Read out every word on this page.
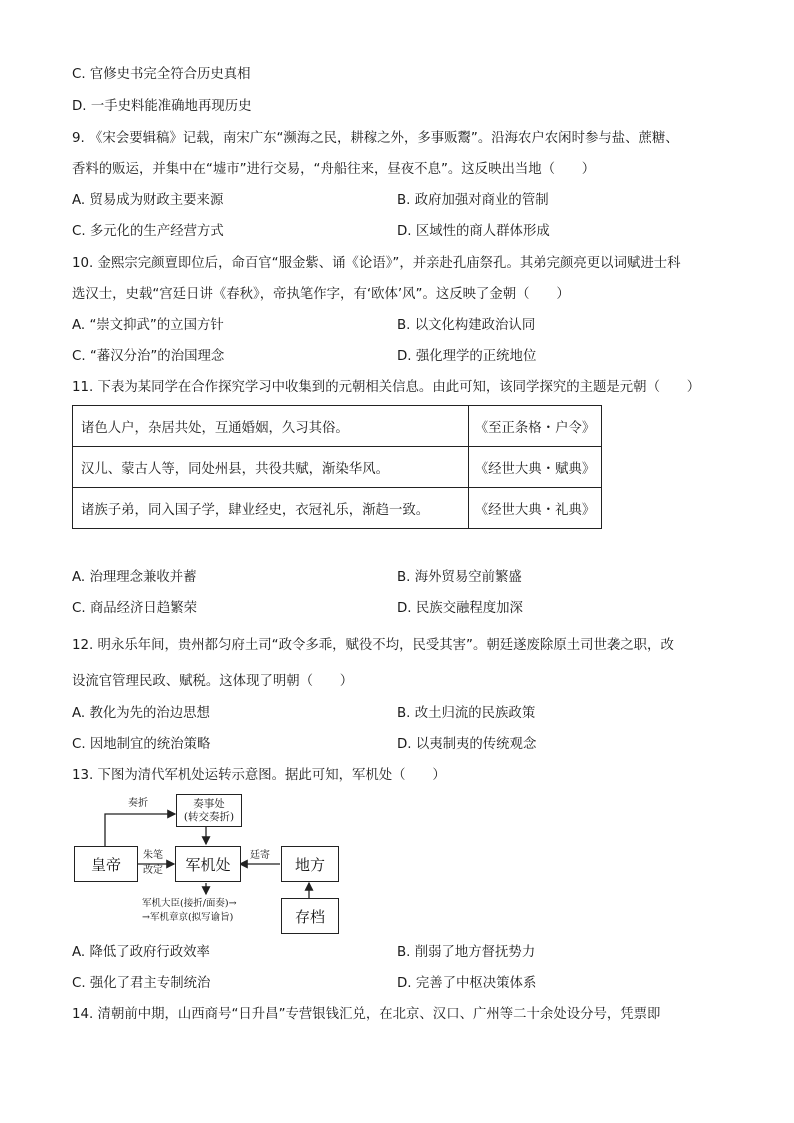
C. 官修史书完全符合历史真相
D. 一手史料能准确地再现历史
9. 《宋会要辑稿》记载，南宋广东“濒海之民，耕稼之外，多事贩鬻”。沿海农户农闲时参与盐、蔗糖、
香料的贩运，并集中在“墟市”进行交易，“舟船往来，昼夜不息”。这反映出当地（　　）
A. 贸易成为财政主要来源	B. 政府加强对商业的管制
C. 多元化的生产经营方式	D. 区域性的商人群体形成
10. 金熙宗完颜亶即位后，命百官“服金紫、诵《论语》”，并亲赴孔庙祭孔。其弟完颜亮更以词赋进士科
选汉士，史载“宫廷日讲《春秋》，帝执笔作字，有‘欧体’风”。这反映了金朝（　　）
A. “崇文抑武”的立国方针	B. 以文化构建政治认同
C. “蕃汉分治”的治国理念	D. 强化理学的正统地位
11. 下表为某同学在合作探究学习中收集到的元朝相关信息。由此可知，该同学探究的主题是元朝（　　）
诸色人户，杂居共处，互通婚姻，久习其俗。	《至正条格・户令》
汉儿、蒙古人等，同处州县，共役共赋，渐染华风。	《经世大典・赋典》
诸族子弟，同入国子学，肆业经史，衣冠礼乐，渐趋一致。	《经世大典・礼典》
A. 治理理念兼收并蓄	B. 海外贸易空前繁盛
C. 商品经济日趋繁荣	D. 民族交融程度加深
12. 明永乐年间，贵州都匀府土司“政令多乖，赋役不均，民受其害”。朝廷遂废除原土司世袭之职，改
设流官管理民政、赋税。这体现了明朝（　　）
A. 教化为先的治边思想	B. 改土归流的民族政策
C. 因地制宜的统治策略	D. 以夷制夷的传统观念
13. 下图为清代军机处运转示意图。据此可知，军机处（　　）
奏事处
(转交奏折)
皇帝	军机处	地方
存档
奏折
朱笔
改定
廷寄
军机大臣(接折/面奏)→
→军机章京(拟写谕旨)
A. 降低了政府行政效率	B. 削弱了地方督抚势力
C. 强化了君主专制统治	D. 完善了中枢决策体系
14. 清朝前中期，山西商号“日升昌”专营银钱汇兑，在北京、汉口、广州等二十余处设分号，凭票即
